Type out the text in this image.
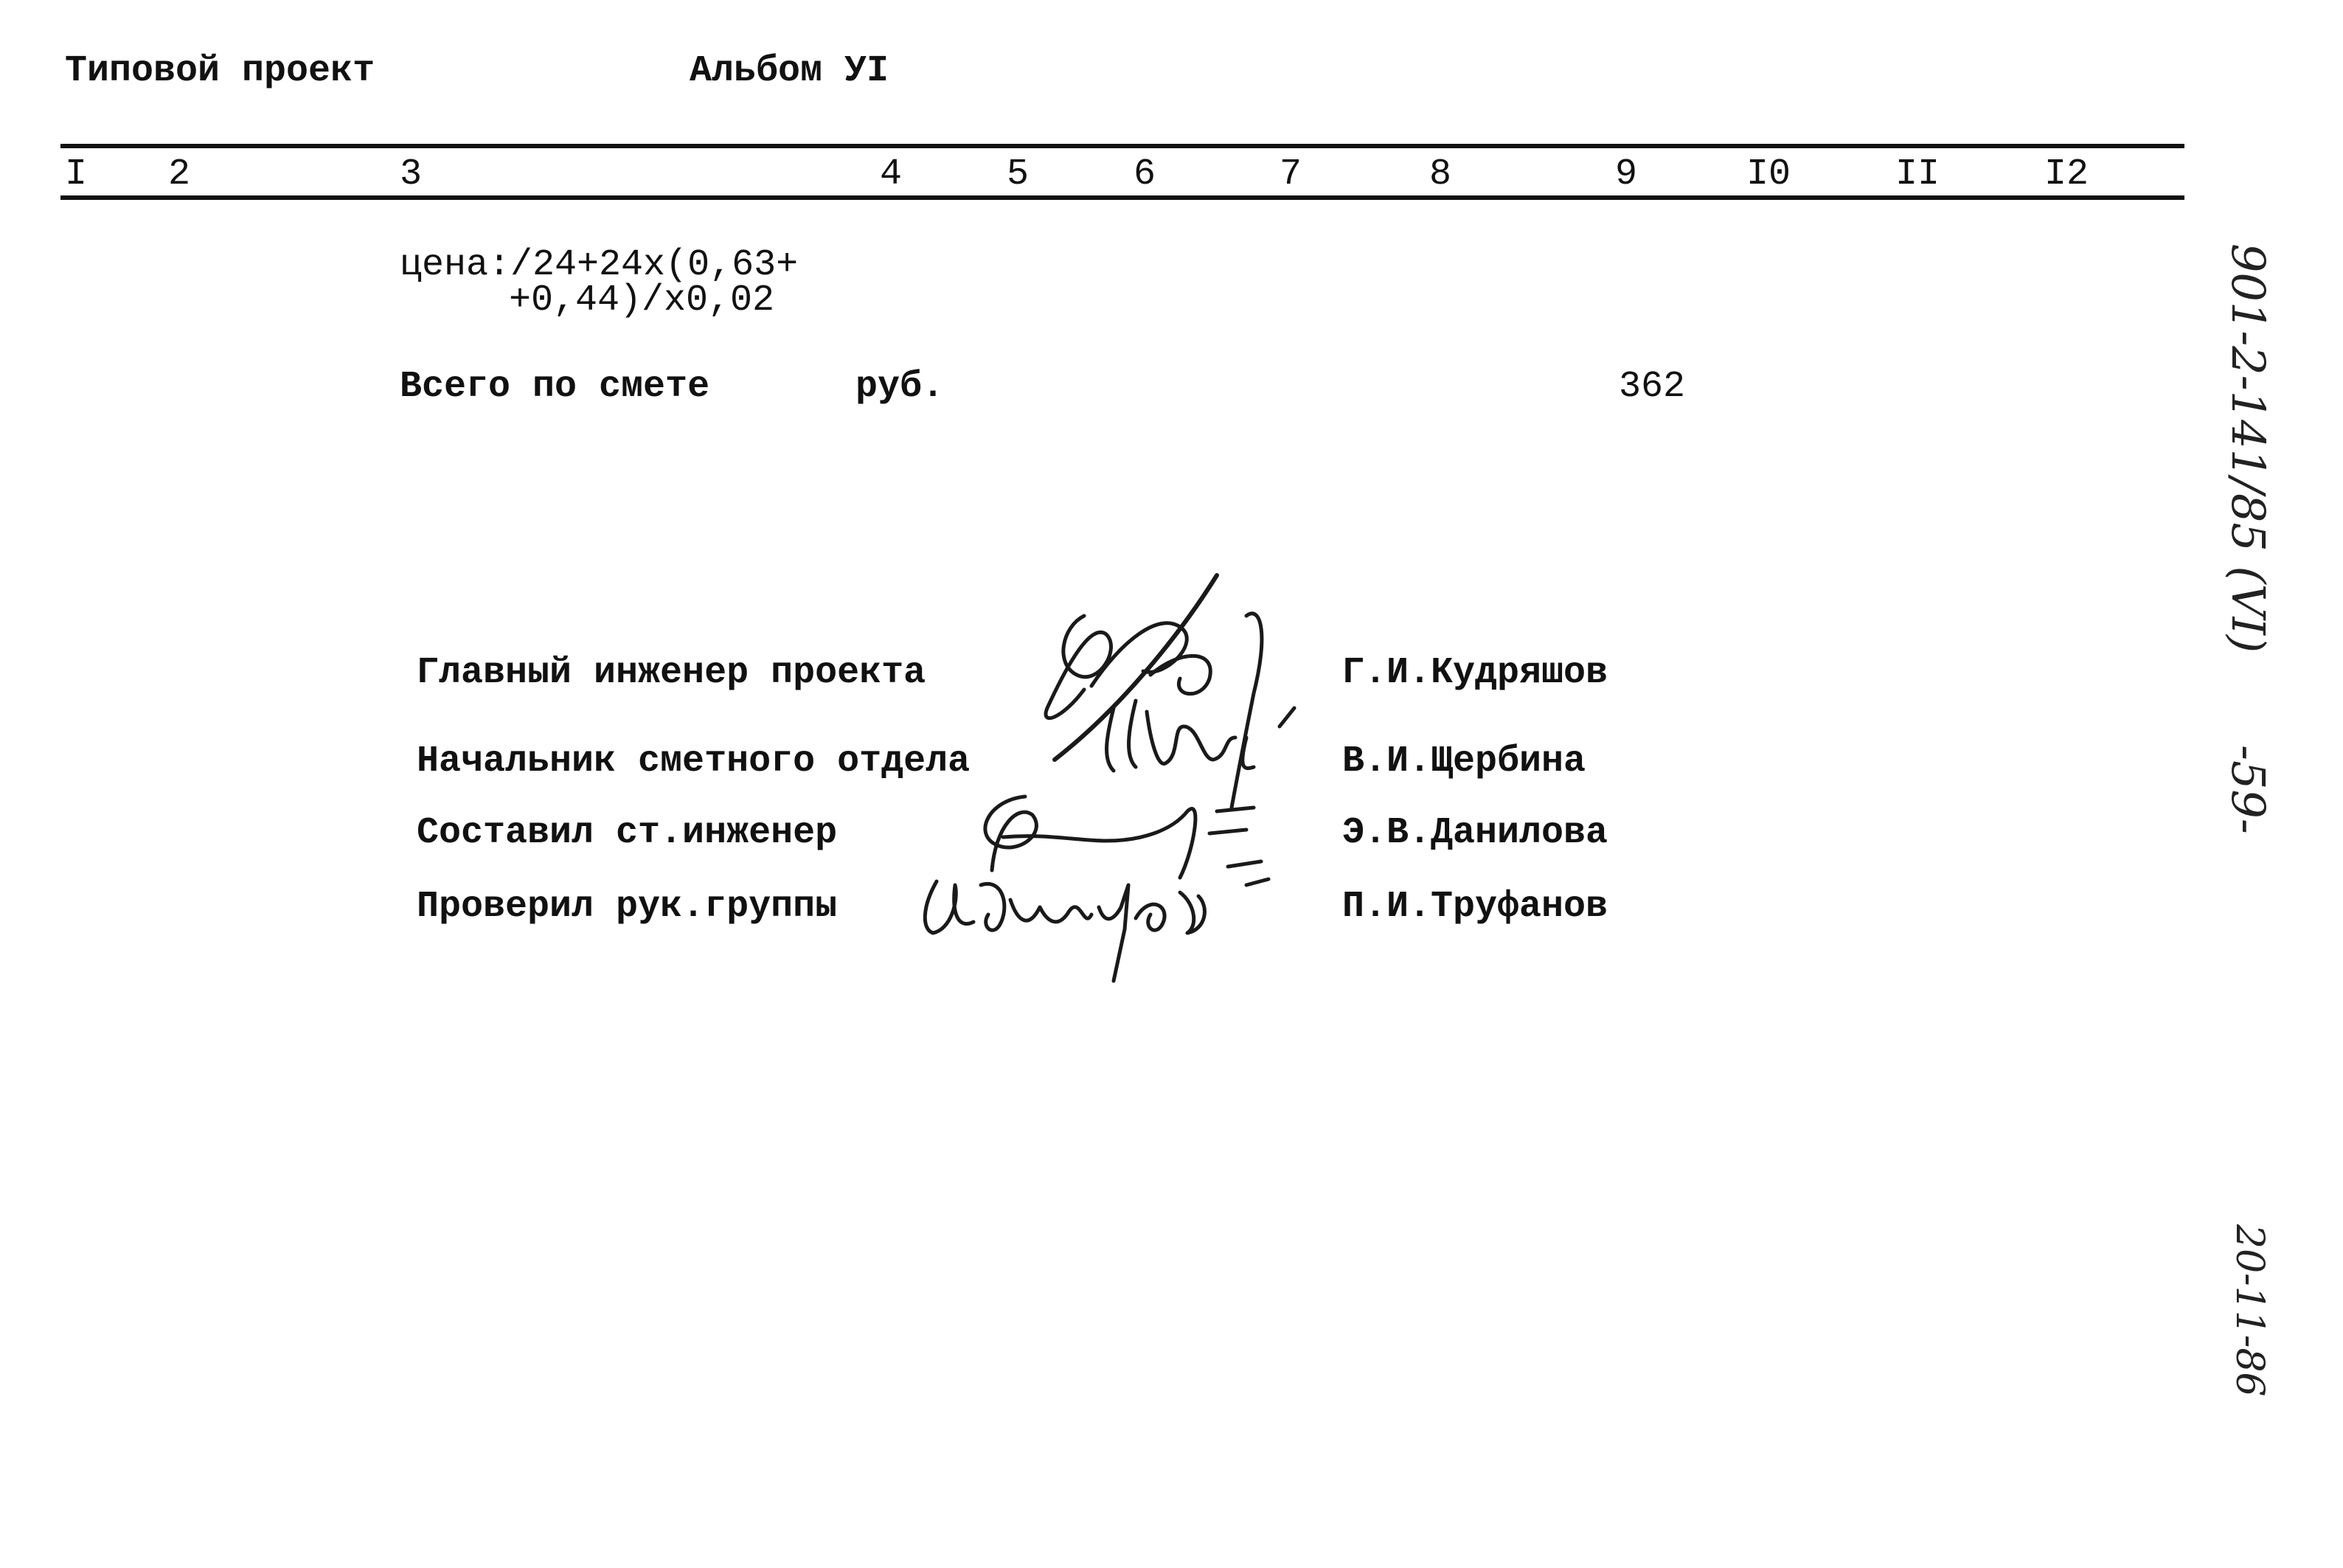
Типовой проект	Альбом УI
I 2	3	4	5	6	7	8	9	I0	II	I2
цена:/24+24х(0,63+
+0,44)/х0,02
Всего по смете	руб.	362
Главный инженер проекта	Г.И.Кудряшов
Начальник сметного отдела	В.И.Щербина
Составил ст.инженер	Э.В.Данилова
Проверил рук.группы	П.И.Труфанов
901-2-141/85 (VI)
-59-
20-11-86
